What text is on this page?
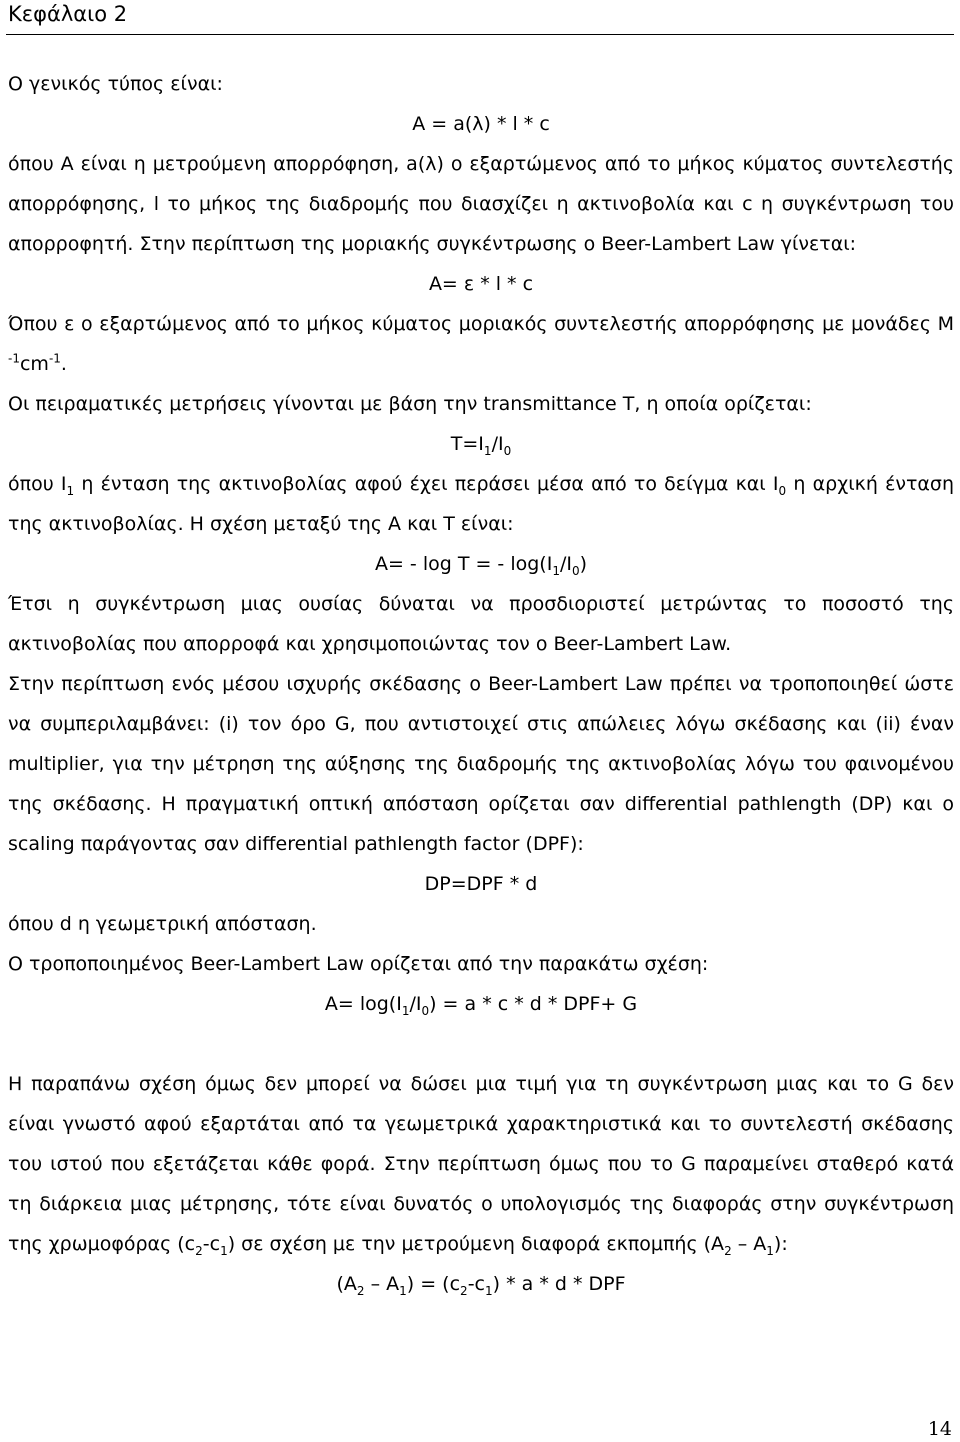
Κεφάλαιο 2

Ο γενικός τύπος είναι:

A = a(λ) * l * c

όπου A είναι η μετρούμενη απορρόφηση, a(λ) ο εξαρτώμενος από το μήκος κύματος συντελεστής απορρόφησης, l το μήκος της διαδρομής που διασχίζει η ακτινοβολία και c η συγκέντρωση του απορροφητή. Στην περίπτωση της μοριακής συγκέντρωσης ο Beer-Lambert Law γίνεται:

A= ε * l * c

Όπου ε ο εξαρτώμενος από το μήκος κύματος μοριακός συντελεστής απορρόφησης με μονάδες M $^{-1}cm^{-1}$.

Οι πειραματικές μετρήσεις γίνονται με βάση την transmittance T, η οποία ορίζεται:

$T=I_1/I_0$

όπου $I_1$ η ένταση της ακτινοβολίας αφού έχει περάσει μέσα από το δείγμα και $I_0$ η αρχική ένταση της ακτινοβολίας. Η σχέση μεταξύ της A και T είναι:

A= - log T = - $\log(I_1/I_0)$

Έτσι η συγκέντρωση μιας ουσίας δύναται να προσδιοριστεί μετρώντας το ποσοστό της ακτινοβολίας που απορροφά και χρησιμοποιώντας τον ο Beer-Lambert Law.

Στην περίπτωση ενός μέσου ισχυρής σκέδασης ο Beer-Lambert Law πρέπει να τροποποιηθεί ώστε να συμπεριλαμβάνει: (i) τον όρο G, που αντιστοιχεί στις απώλειες λόγω σκέδασης και (ii) έναν multiplier, για την μέτρηση της αύξησης της διαδρομής της ακτινοβολίας λόγω του φαινομένου της σκέδασης. Η πραγματική οπτική απόσταση ορίζεται σαν differential pathlength (DP) και ο scaling παράγοντας σαν differential pathlength factor (DPF):

DP=DPF * d

όπου d η γεωμετρική απόσταση.

Ο τροποποιημένος Beer-Lambert Law ορίζεται από την παρακάτω σχέση:

$A= \log(I_1/I_0) = a * c * d * DPF+ G$

Η παραπάνω σχέση όμως δεν μπορεί να δώσει μια τιμή για τη συγκέντρωση μιας και το G δεν είναι γνωστό αφού εξαρτάται από τα γεωμετρικά χαρακτηριστικά και το συντελεστή σκέδασης του ιστού που εξετάζεται κάθε φορά. Στην περίπτωση όμως που το G παραμείνει σταθερό κατά τη διάρκεια μιας μέτρησης, τότε είναι δυνατός ο υπολογισμός της διαφοράς στην συγκέντρωση της χρωμοφόρας $(c_2-c_1)$ σε σχέση με την μετρούμενη διαφορά εκπομπής $(A_2 - A_1)$:

$(A_2 - A_1) = (c_2-c_1) * a * d$ * DPF

14
